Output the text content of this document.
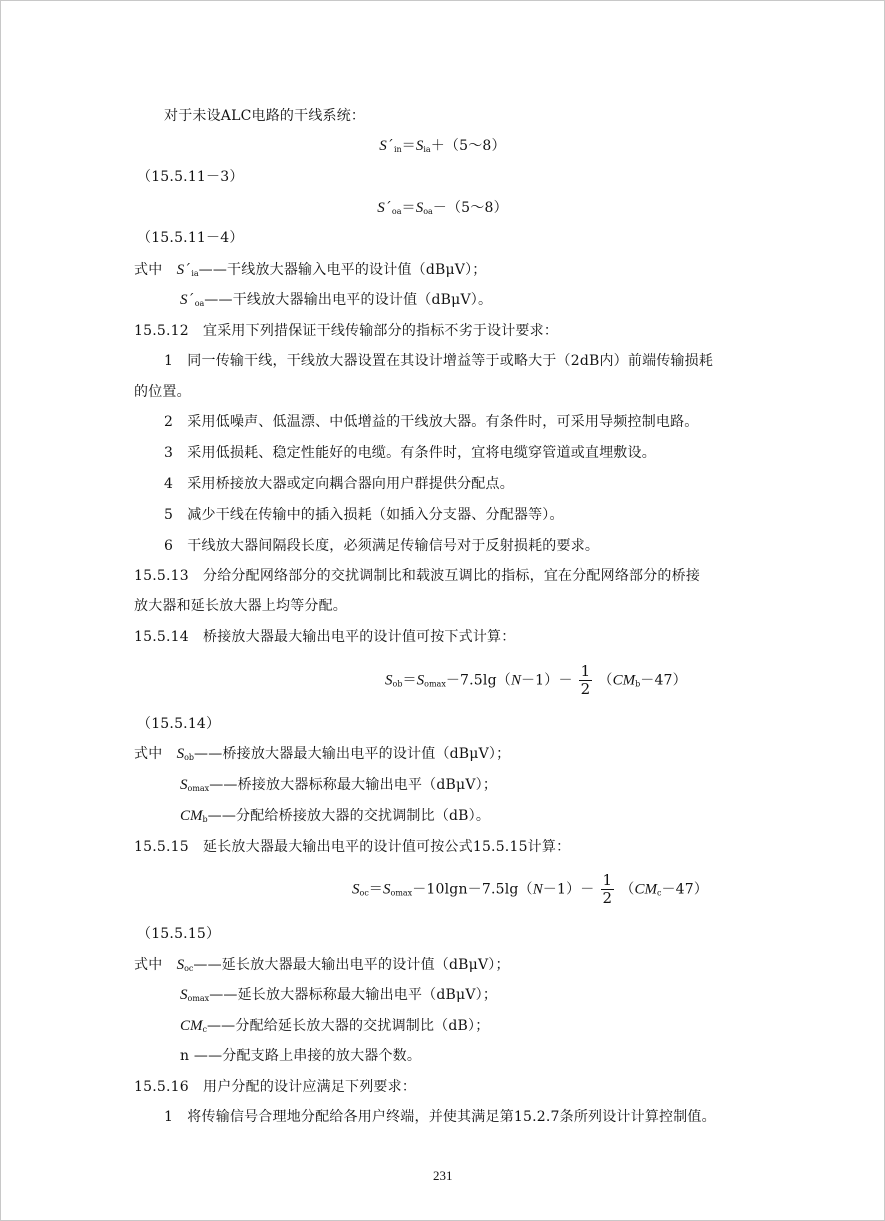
对于未设ALC电路的干线系统：
$S´_{in}=S_{ia}+(5\sim 8)$
（15.5.11－3）
$S´_{oa}=S_{oa}-(5\sim 8)$
（15.5.11－4）
式中　 $S´_{ia}——$干线放大器输入电平的设计值（dBμV）；
$S´_{oa}——$干线放大器输出电平的设计值（dBμV）。
15.5.12　宜采用下列措保证干线传输部分的指标不劣于设计要求：
1　同一传输干线，干线放大器设置在其设计增益等于或略大于（2dB内）前端传输损耗
的位置。
2　采用低噪声、低温漂、中低增益的干线放大器。有条件时，可采用导频控制电路。
3　采用低损耗、稳定性能好的电缆。有条件时，宜将电缆穿管道或直埋敷设。
4　采用桥接放大器或定向耦合器向用户群提供分配点。
5　减少干线在传输中的插入损耗（如插入分支器、分配器等）。
6　干线放大器间隔段长度，必须满足传输信号对于反射损耗的要求。
15.5.13　分给分配网络部分的交扰调制比和载波互调比的指标，宜在分配网络部分的桥接
放大器和延长放大器上均等分配。
15.5.14　桥接放大器最大输出电平的设计值可按下式计算：
$S_{ob}=S_{omax}-7.5\lg(N-1)- \frac{1}{2} (CM_b-47)$
（15.5.14）
式中　 $S_{ob}——$桥接放大器最大输出电平的设计值（dBμV）；
$S_{omax}——$桥接放大器标称最大输出电平（dBμV）；
$CM_b——$分配给桥接放大器的交扰调制比（dB）。
15.5.15　延长放大器最大输出电平的设计值可按公式15.5.15计算：
$S_{oc}=S_{omax}-10\lg n-7.5\lg(N-1)- \frac{1}{2} (CM_c-47)$
（15.5.15）
式中　 $S_{oc}——$延长放大器最大输出电平的设计值（dBμV）；
$S_{omax}——$延长放大器标称最大输出电平（dBμV）；
$CM_c——$分配给延长放大器的交扰调制比（dB）；
n ——分配支路上串接的放大器个数。
15.5.16　用户分配的设计应满足下列要求：
1　将传输信号合理地分配给各用户终端，并使其满足第15.2.7条所列设计计算控制值。
231
